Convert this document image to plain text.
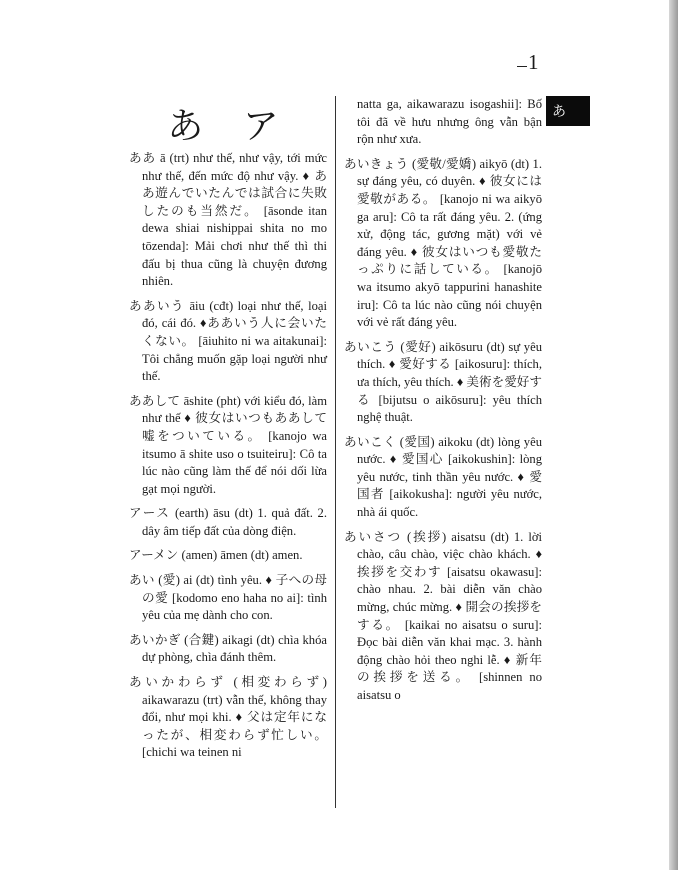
1
あ
あ ア

ああ ā (trt) như thế, như vậy, tới mức như thế, đến mức độ như vậy. ♦ ああ遊んでいたんでは試合に失敗したのも当然だ。 [āsonde itan dewa shiai nishippai shita no mo tōzenda]: Mải chơi như thế thì thi đấu bị thua cũng là chuyện đương nhiên.

ああいう āiu (cđt) loại như thế, loại đó, cái đó. ♦ああいう人に会いたくない。 [āiuhito ni wa aitakunai]: Tôi chẳng muốn gặp loại người như thế.

ああして āshite (pht) với kiểu đó, làm như thế ♦ 彼女はいつもああして嘘をついている。 [kanojo wa itsumo ā shite uso o tsuiteiru]: Cô ta lúc nào cũng làm thế để nói dối lừa gạt mọi người.

アース (earth) āsu (dt) 1. quả đất. 2. dây âm tiếp đất của dòng điện.

アーメン (amen) āmen (dt) amen.

あい (愛) ai (dt) tình yêu. ♦ 子への母の愛 [kodomo eno haha no ai]: tình yêu của mẹ dành cho con.

あいかぎ (合鍵) aikagi (dt) chìa khóa dự phòng, chìa đánh thêm.

あいかわらず (相変わらず) aikawarazu (trt) vẫn thế, không thay đổi, như mọi khi. ♦ 父は定年になったが、相変わらず忙しい。 [chichi wa teinen ni

natta ga, aikawarazu isogashii]: Bố tôi đã về hưu nhưng ông vẫn bận rộn như xưa.

あいきょう (愛敬/愛嬌) aikyō (dt) 1. sự đáng yêu, có duyên. ♦ 彼女には愛敬がある。 [kanojo ni wa aikyō ga aru]: Cô ta rất đáng yêu. 2. (ứng xử, động tác, gương mặt) với vẻ đáng yêu. ♦ 彼女はいつも愛敬たっぷりに話している。 [kanojō wa itsumo akyō tappurini hanashite iru]: Cô ta lúc nào cũng nói chuyện với vẻ rất đáng yêu.

あいこう (愛好) aikōsuru (dt) sự yêu thích. ♦ 愛好する [aikosuru]: thích, ưa thích, yêu thích. ♦ 美術を愛好する [bijutsu o aikōsuru]: yêu thích nghệ thuật.

あいこく (愛国) aikoku (dt) lòng yêu nước. ♦ 愛国心 [aikokushin]: lòng yêu nước, tinh thần yêu nước. ♦ 愛国者 [aikokusha]: người yêu nước, nhà ái quốc.

あいさつ (挨拶) aisatsu (dt) 1. lời chào, câu chào, việc chào khách. ♦ 挨拶を交わす [aisatsu okawasu]: chào nhau. 2. bài diễn văn chào mừng, chúc mừng. ♦ 開会の挨拶をする。 [kaikai no aisatsu o suru]: Đọc bài diễn văn khai mạc. 3. hành động chào hỏi theo nghi lễ. ♦ 新年の挨拶を送る。 [shinnen no aisatsu o
